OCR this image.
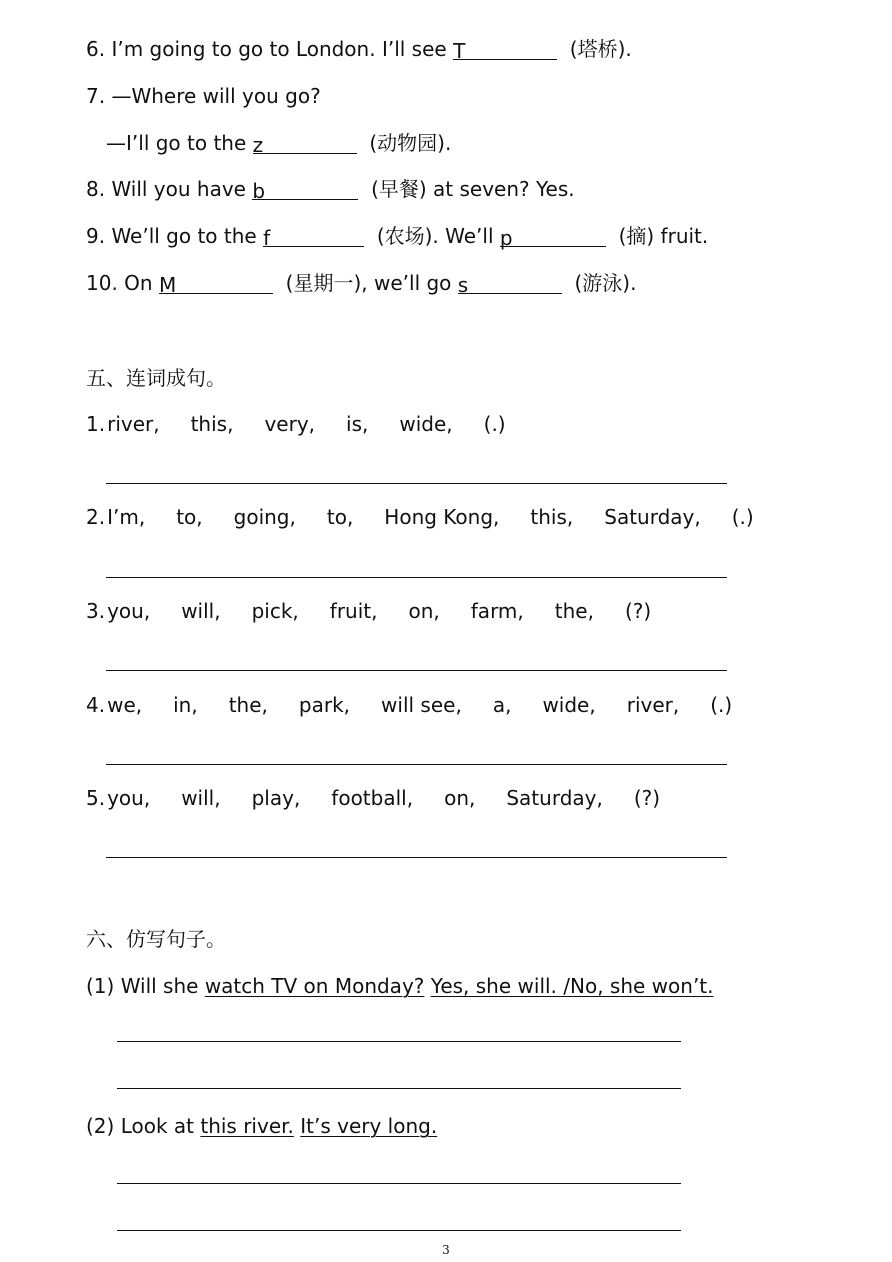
6. I’m going to go to London. I’ll see T	(塔桥).
7. —Where will you go?
—I’ll go to the z	(动物园).
8. Will you have b	(早餐) at seven? Yes.
9. We’ll go to the f	(农场). We’ll p	(摘) fruit.
10. On M	(星期一), we’ll go s	(游泳).
五、连词成句。
1. river, this, very, is, wide, (.)
2. I’m, to, going, to, Hong Kong, this, Saturday, (.)
3. you, will, pick, fruit, on, farm, the, (?)
4. we, in, the, park, will see, a, wide, river, (.)
5. you, will, play, football, on, Saturday, (?)
六、仿写句子。
(1) Will she watch TV on Monday? Yes, she will. /No, she won’t.
(2) Look at this river. It’s very long.
3
